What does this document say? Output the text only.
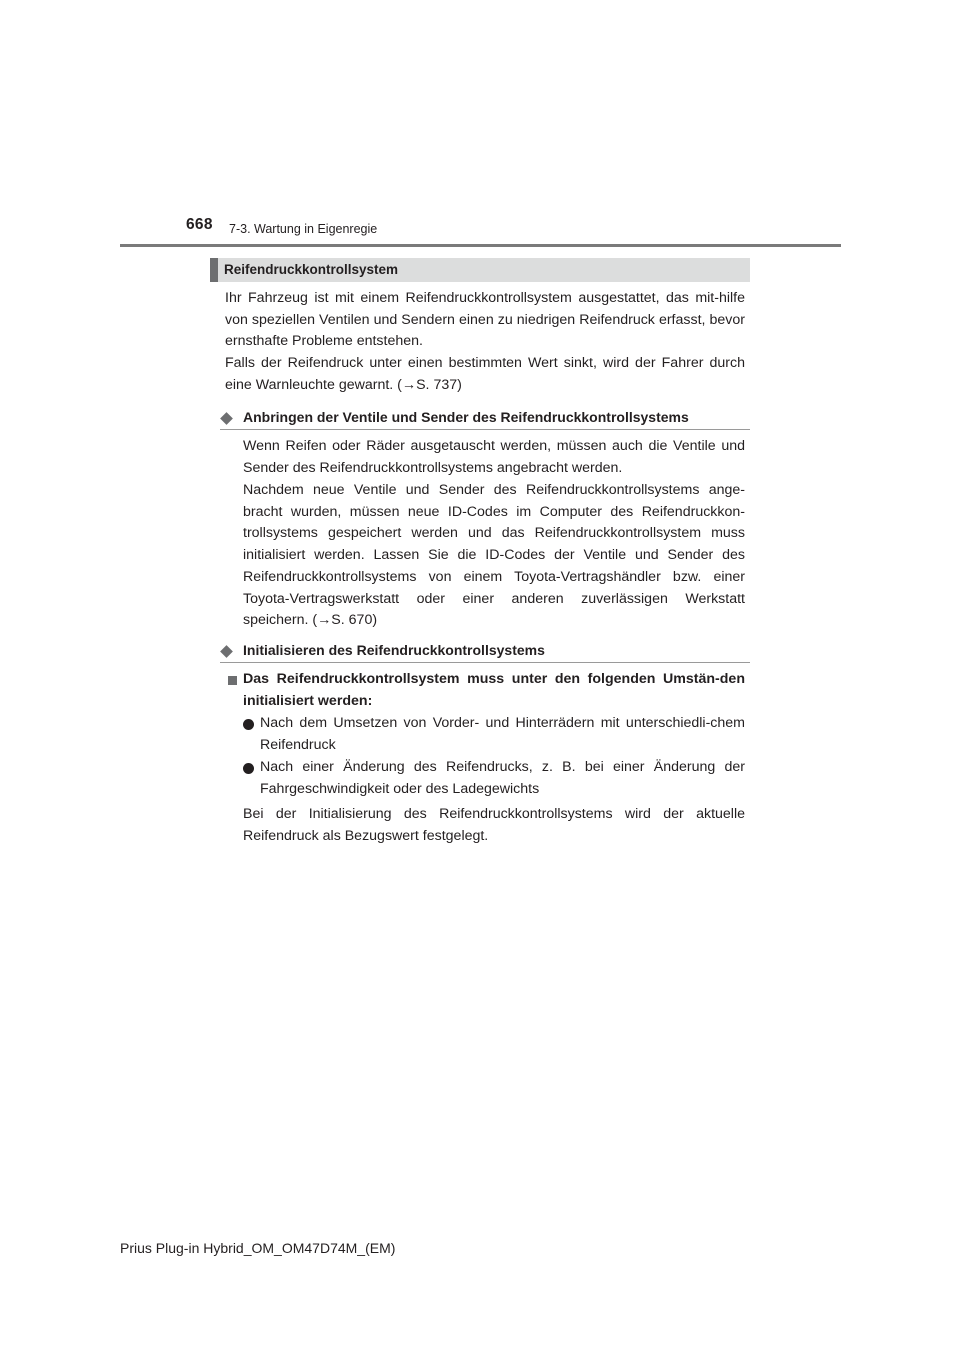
668 7-3. Wartung in Eigenregie
Reifendruckkontrollsystem
Ihr Fahrzeug ist mit einem Reifendruckkontrollsystem ausgestattet, das mit-hilfe von speziellen Ventilen und Sendern einen zu niedrigen Reifendruck erfasst, bevor ernsthafte Probleme entstehen.
Falls der Reifendruck unter einen bestimmten Wert sinkt, wird der Fahrer durch eine Warnleuchte gewarnt. (→S. 737)
Anbringen der Ventile und Sender des Reifendruckkontrollsystems
Wenn Reifen oder Räder ausgetauscht werden, müssen auch die Ventile und Sender des Reifendruckkontrollsystems angebracht werden.
Nachdem neue Ventile und Sender des Reifendruckkontrollsystems ange-bracht wurden, müssen neue ID-Codes im Computer des Reifendruckkon-trollsystems gespeichert werden und das Reifendruckkontrollsystem muss initialisiert werden. Lassen Sie die ID-Codes der Ventile und Sender des Reifendruckkontrollsystems von einem Toyota-Vertragshändler bzw. einer Toyota-Vertragswerkstatt oder einer anderen zuverlässigen Werkstatt speichern. (→S. 670)
Initialisieren des Reifendruckkontrollsystems
Das Reifendruckkontrollsystem muss unter den folgenden Umstän-den initialisiert werden:
Nach dem Umsetzen von Vorder- und Hinterrädern mit unterschiedli-chem Reifendruck
Nach einer Änderung des Reifendrucks, z. B. bei einer Änderung der Fahrgeschwindigkeit oder des Ladegewichts
Bei der Initialisierung des Reifendruckkontrollsystems wird der aktuelle Reifendruck als Bezugswert festgelegt.
Prius Plug-in Hybrid_OM_OM47D74M_(EM)
